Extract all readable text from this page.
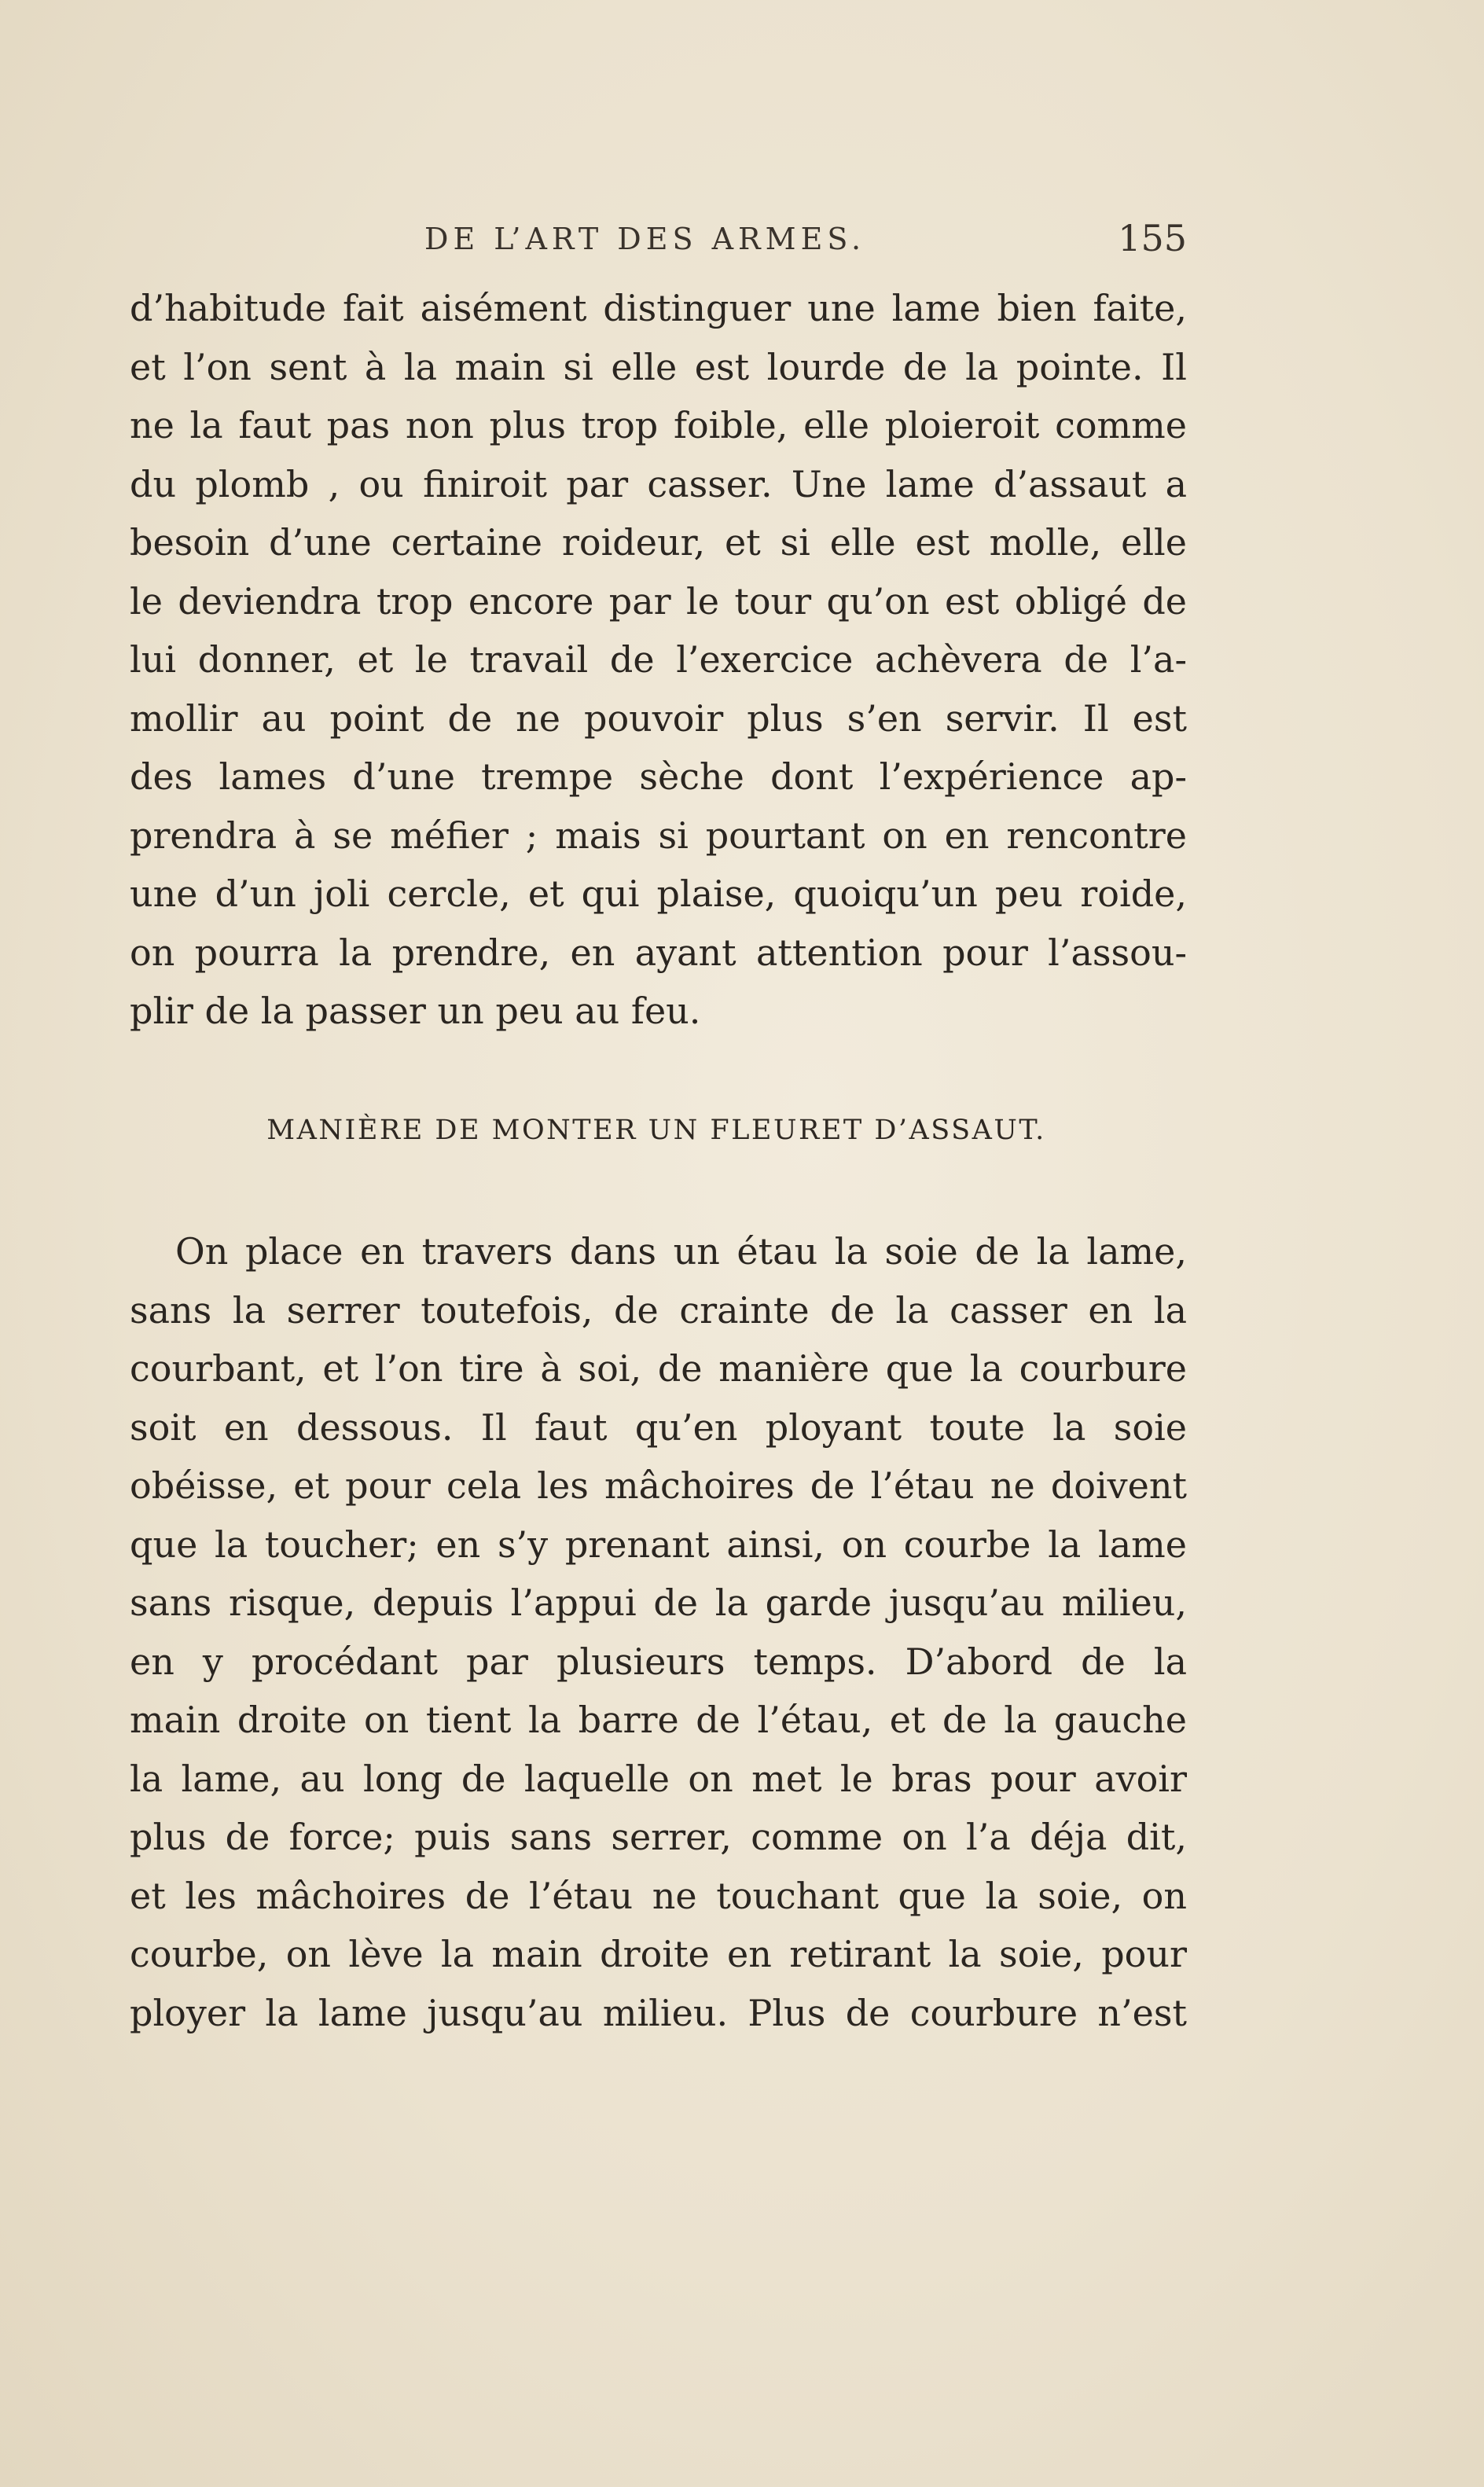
DE L’ART DES ARMES.	155
d’habitude fait aisément distinguer une lame bien faite,
et l’on sent à la main si elle est lourde de la pointe. Il
ne la faut pas non plus trop foible, elle ploieroit comme
du plomb , ou finiroit par casser. Une lame d’assaut a
besoin d’une certaine roideur, et si elle est molle, elle
le deviendra trop encore par le tour qu’on est obligé de
lui donner, et le travail de l’exercice achèvera de l’a-
mollir au point de ne pouvoir plus s’en servir. Il est
des lames d’une trempe sèche dont l’expérience ap-
prendra à se méfier ; mais si pourtant on en rencontre
une d’un joli cercle, et qui plaise, quoiqu’un peu roide,
on pourra la prendre, en ayant attention pour l’assou-
plir de la passer un peu au feu.
MANIÈRE DE MONTER UN FLEURET D’ASSAUT.
On place en travers dans un étau la soie de la lame,
sans la serrer toutefois, de crainte de la casser en la
courbant, et l’on tire à soi, de manière que la courbure
soit en dessous. Il faut qu’en ployant toute la soie
obéisse, et pour cela les mâchoires de l’étau ne doivent
que la toucher; en s’y prenant ainsi, on courbe la lame
sans risque, depuis l’appui de la garde jusqu’au milieu,
en y procédant par plusieurs temps. D’abord de la
main droite on tient la barre de l’étau, et de la gauche
la lame, au long de laquelle on met le bras pour avoir
plus de force; puis sans serrer, comme on l’a déja dit,
et les mâchoires de l’étau ne touchant que la soie, on
courbe, on lève la main droite en retirant la soie, pour
ployer la lame jusqu’au milieu. Plus de courbure n’est
